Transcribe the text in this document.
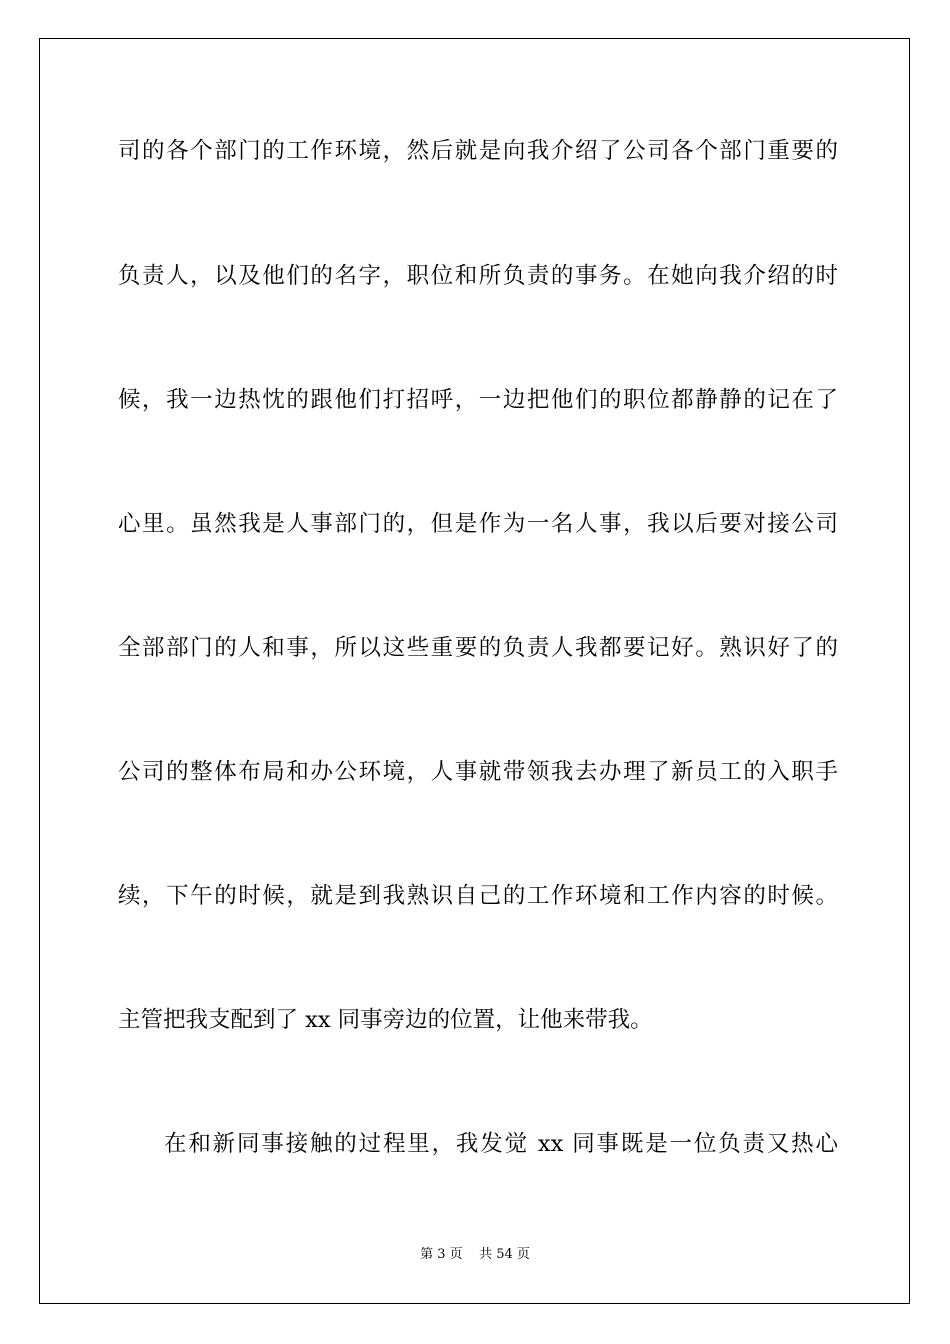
司的各个部门的工作环境，然后就是向我介绍了公司各个部门重要的
负责人，以及他们的名字，职位和所负责的事务。在她向我介绍的时
候，我一边热忱的跟他们打招呼，一边把他们的职位都静静的记在了
心里。虽然我是人事部门的，但是作为一名人事，我以后要对接公司
全部部门的人和事，所以这些重要的负责人我都要记好。熟识好了的
公司的整体布局和办公环境，人事就带领我去办理了新员工的入职手
续，下午的时候，就是到我熟识自己的工作环境和工作内容的时候。
主管把我支配到了 xx 同事旁边的位置，让他来带我。
在和新同事接触的过程里，我发觉 xx 同事既是一位负责又热心
第 3 页    共 54 页
